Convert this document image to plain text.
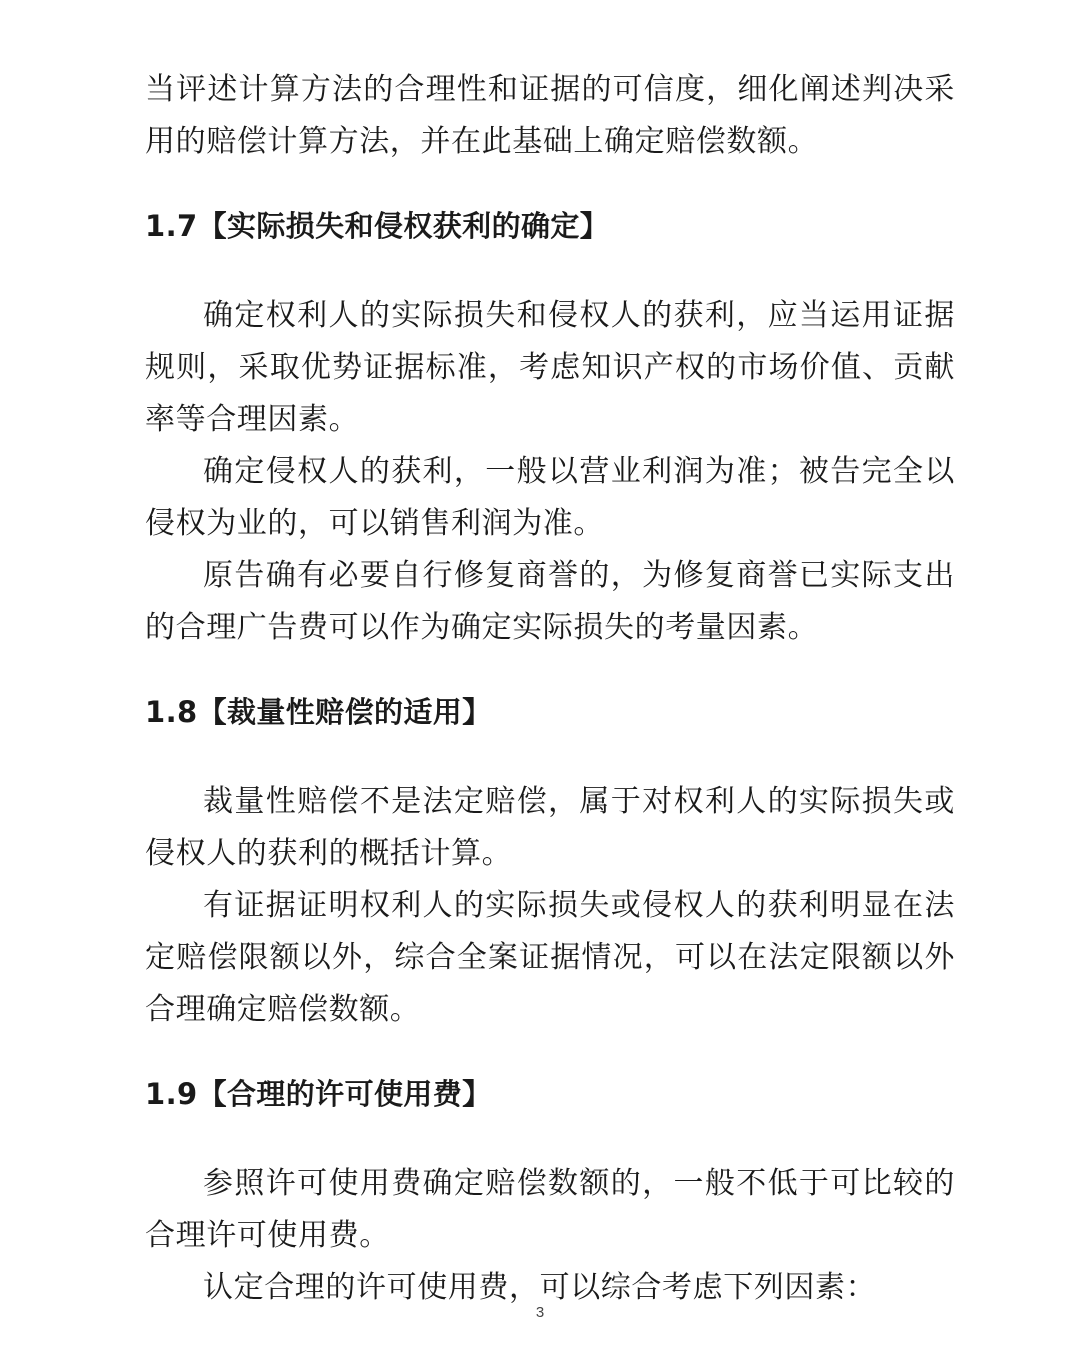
当评述计算方法的合理性和证据的可信度，细化阐述判决采用的赔偿计算方法，并在此基础上确定赔偿数额。

1.7【实际损失和侵权获利的确定】

确定权利人的实际损失和侵权人的获利，应当运用证据规则，采取优势证据标准，考虑知识产权的市场价值、贡献率等合理因素。

确定侵权人的获利，一般以营业利润为准；被告完全以侵权为业的，可以销售利润为准。

原告确有必要自行修复商誉的，为修复商誉已实际支出的合理广告费可以作为确定实际损失的考量因素。

1.8【裁量性赔偿的适用】

裁量性赔偿不是法定赔偿，属于对权利人的实际损失或侵权人的获利的概括计算。

有证据证明权利人的实际损失或侵权人的获利明显在法定赔偿限额以外，综合全案证据情况，可以在法定限额以外合理确定赔偿数额。

1.9【合理的许可使用费】

参照许可使用费确定赔偿数额的，一般不低于可比较的合理许可使用费。

认定合理的许可使用费，可以综合考虑下列因素：

3
